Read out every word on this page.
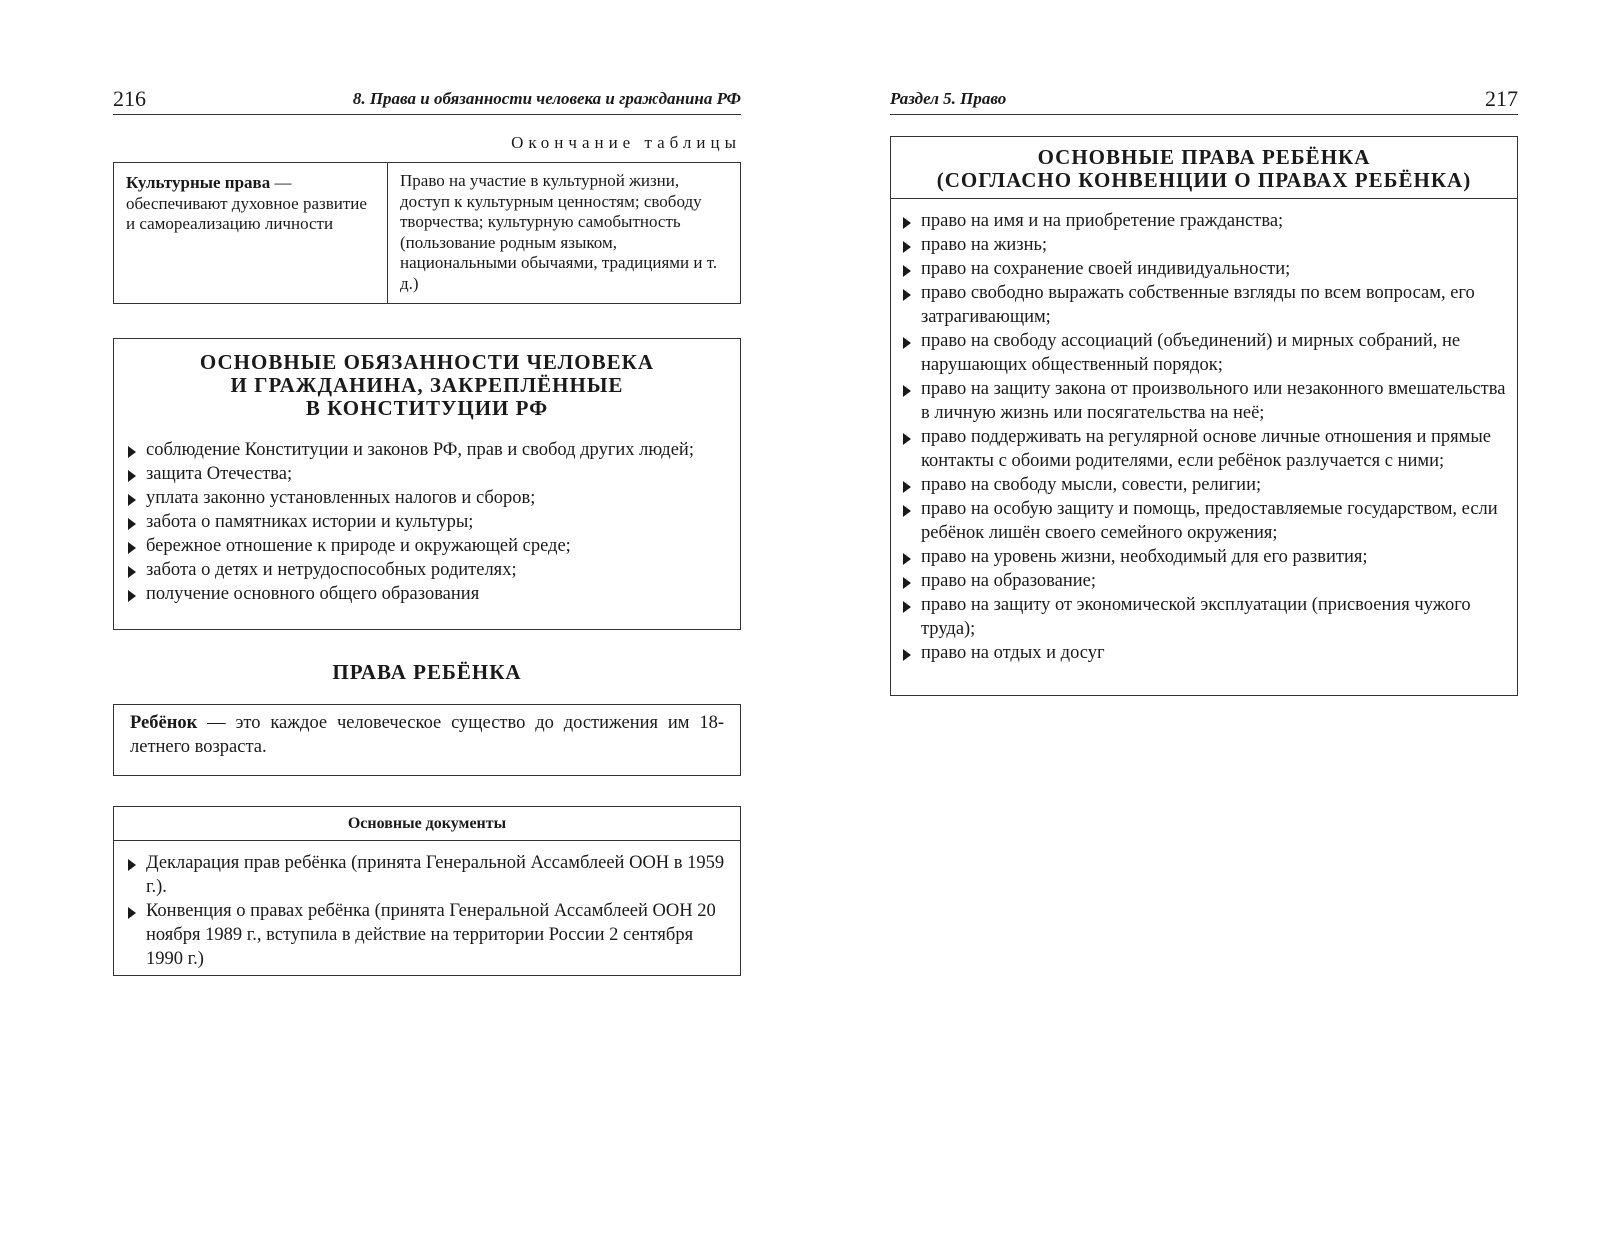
216	8. Права и обязанности человека и гражданина РФ
Окончание таблицы
Культурные права — обеспечивают духовное развитие и самореализацию личности
Право на участие в культурной жизни, доступ к культурным ценностям; свободу творчества; культурную самобытность (пользование родным языком, национальными обычаями, традициями и т. д.)
ОСНОВНЫЕ ОБЯЗАННОСТИ ЧЕЛОВЕКА
И ГРАЖДАНИНА, ЗАКРЕПЛЁННЫЕ
В КОНСТИТУЦИИ РФ
соблюдение Конституции и законов РФ, прав и свобод других людей;
защита Отечества;
уплата законно установленных налогов и сборов;
забота о памятниках истории и культуры;
бережное отношение к природе и окружающей среде;
забота о детях и нетрудоспособных родителях;
получение основного общего образования
ПРАВА РЕБЁНКА
Ребёнок — это каждое человеческое существо до достижения им 18-летнего возраста.
Основные документы
Декларация прав ребёнка (принята Генеральной Ассамблеей ООН в 1959 г.).
Конвенция о правах ребёнка (принята Генеральной Ассамблеей ООН 20 ноября 1989 г., вступила в действие на территории России 2 сентября 1990 г.)
Раздел 5. Право	217
ОСНОВНЫЕ ПРАВА РЕБЁНКА
(СОГЛАСНО КОНВЕНЦИИ О ПРАВАХ РЕБЁНКА)
право на имя и на приобретение гражданства;
право на жизнь;
право на сохранение своей индивидуальности;
право свободно выражать собственные взгляды по всем вопросам, его затрагивающим;
право на свободу ассоциаций (объединений) и мирных собраний, не нарушающих общественный порядок;
право на защиту закона от произвольного или незаконного вмешательства в личную жизнь или посягательства на неё;
право поддерживать на регулярной основе личные отношения и прямые контакты с обоими родителями, если ребёнок разлучается с ними;
право на свободу мысли, совести, религии;
право на особую защиту и помощь, предоставляемые государством, если ребёнок лишён своего семейного окружения;
право на уровень жизни, необходимый для его развития;
право на образование;
право на защиту от экономической эксплуатации (присвоения чужого труда);
право на отдых и досуг
